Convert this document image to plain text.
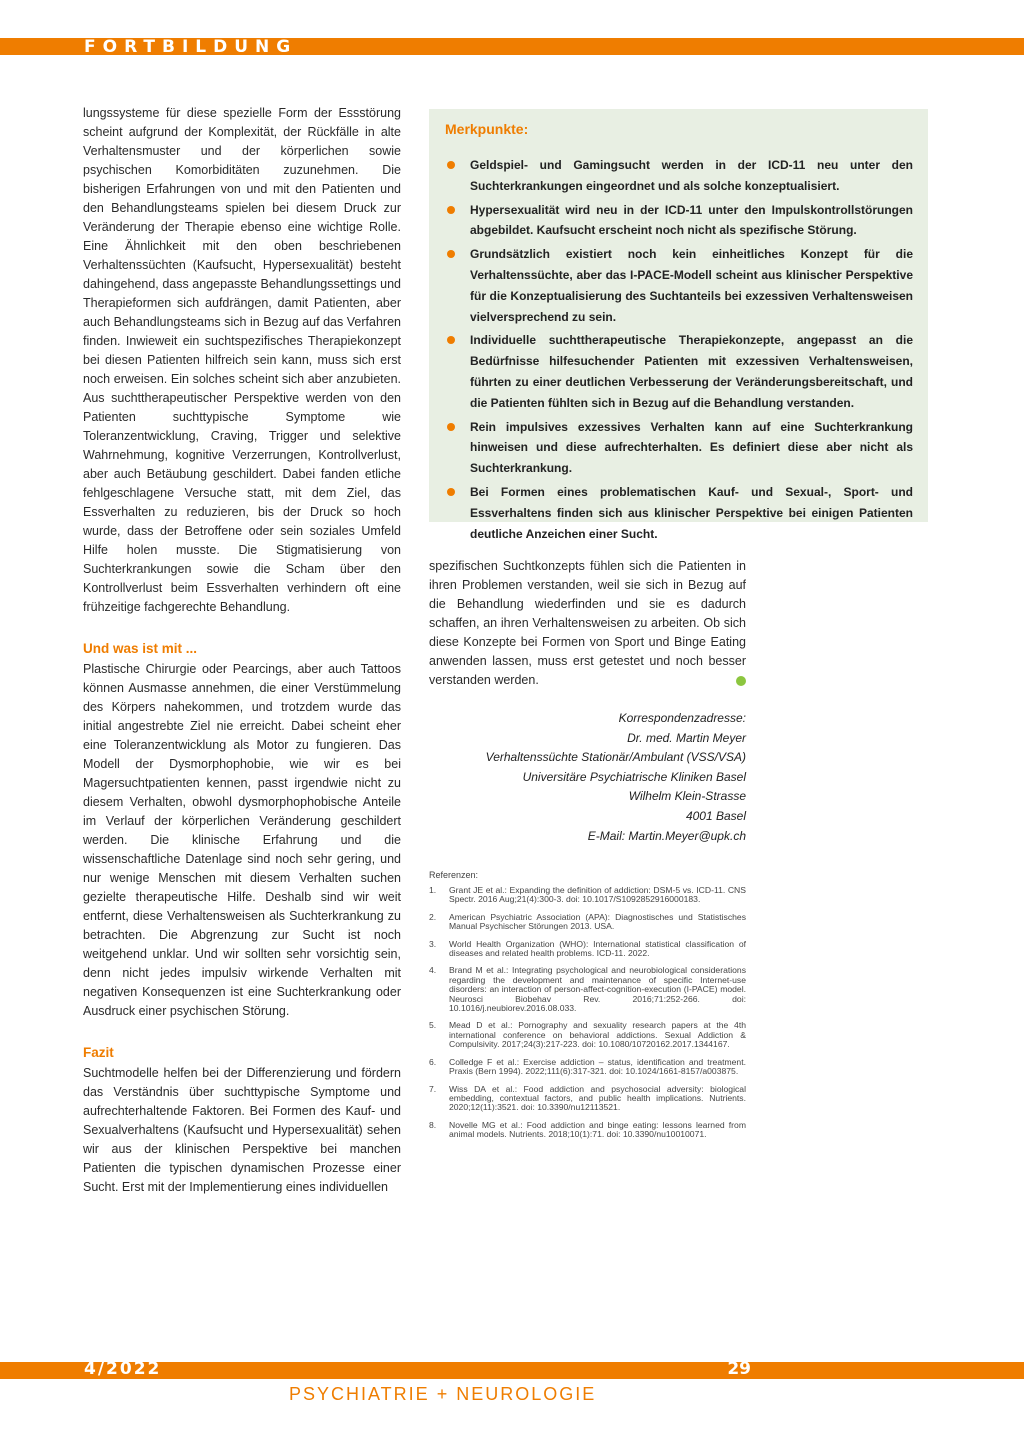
FORTBILDUNG

lungssysteme für diese spezielle Form der Essstörung scheint aufgrund der Komplexität, der Rückfälle in alte Verhaltensmuster und der körperlichen sowie psychischen Komorbiditäten zuzunehmen. Die bisherigen Erfahrungen von und mit den Patienten und den Behandlungsteams spielen bei diesem Druck zur Veränderung der Therapie ebenso eine wichtige Rolle. Eine Ähnlichkeit mit den oben beschriebenen Verhaltenssüchten (Kaufsucht, Hypersexualität) besteht dahingehend, dass angepasste Behandlungssettings und Therapieformen sich aufdrängen, damit Patienten, aber auch Behandlungsteams sich in Bezug auf das Verfahren finden. Inwieweit ein suchtspezifisches Therapiekonzept bei diesen Patienten hilfreich sein kann, muss sich erst noch erweisen. Ein solches scheint sich aber anzubieten. Aus suchttherapeutischer Perspektive werden von den Patienten suchttypische Symptome wie Toleranzentwicklung, Craving, Trigger und selektive Wahrnehmung, kognitive Verzerrungen, Kontrollverlust, aber auch Betäubung geschildert. Dabei fanden etliche fehlgeschlagene Versuche statt, mit dem Ziel, das Essverhalten zu reduzieren, bis der Druck so hoch wurde, dass der Betroffene oder sein soziales Umfeld Hilfe holen musste. Die Stigmatisierung von Suchterkrankungen sowie die Scham über den Kontrollverlust beim Essverhalten verhindern oft eine frühzeitige fachgerechte Behandlung.

Und was ist mit ...

Plastische Chirurgie oder Pearcings, aber auch Tattoos können Ausmasse annehmen, die einer Verstümmelung des Körpers nahekommen, und trotzdem wurde das initial angestrebte Ziel nie erreicht. Dabei scheint eher eine Toleranzentwicklung als Motor zu fungieren. Das Modell der Dysmorphophobie, wie wir es bei Magersuchtpatienten kennen, passt irgendwie nicht zu diesem Verhalten, obwohl dysmorphophobische Anteile im Verlauf der körperlichen Veränderung geschildert werden. Die klinische Erfahrung und die wissenschaftliche Datenlage sind noch sehr gering, und nur wenige Menschen mit diesem Verhalten suchen gezielte therapeutische Hilfe. Deshalb sind wir weit entfernt, diese Verhaltensweisen als Suchterkrankung zu betrachten. Die Abgrenzung zur Sucht ist noch weitgehend unklar. Und wir sollten sehr vorsichtig sein, denn nicht jedes impulsiv wirkende Verhalten mit negativen Konsequenzen ist eine Suchterkrankung oder Ausdruck einer psychischen Störung.

Fazit

Suchtmodelle helfen bei der Differenzierung und fördern das Verständnis über suchttypische Symptome und aufrechterhaltende Faktoren. Bei Formen des Kauf- und Sexualverhaltens (Kaufsucht und Hypersexualität) sehen wir aus der klinischen Perspektive bei manchen Patienten die typischen dynamischen Prozesse einer Sucht. Erst mit der Implementierung eines individuellen

Merkpunkte:
Geldspiel- und Gamingsucht werden in der ICD-11 neu unter den Suchterkrankungen eingeordnet und als solche konzeptualisiert.
Hypersexualität wird neu in der ICD-11 unter den Impulskontrollstörungen abgebildet. Kaufsucht erscheint noch nicht als spezifische Störung.
Grundsätzlich existiert noch kein einheitliches Konzept für die Verhaltenssüchte, aber das I-PACE-Modell scheint aus klinischer Perspektive für die Konzeptualisierung des Suchtanteils bei exzessiven Verhaltensweisen vielversprechend zu sein.
Individuelle suchttherapeutische Therapiekonzepte, angepasst an die Bedürfnisse hilfesuchender Patienten mit exzessiven Verhaltensweisen, führten zu einer deutlichen Verbesserung der Veränderungsbereitschaft, und die Patienten fühlten sich in Bezug auf die Behandlung verstanden.
Rein impulsives exzessives Verhalten kann auf eine Suchterkrankung hinweisen und diese aufrechterhalten. Es definiert diese aber nicht als Suchterkrankung.
Bei Formen eines problematischen Kauf- und Sexual-, Sport- und Essverhaltens finden sich aus klinischer Perspektive bei einigen Patienten deutliche Anzeichen einer Sucht.

spezifischen Suchtkonzepts fühlen sich die Patienten in ihren Problemen verstanden, weil sie sich in Bezug auf die Behandlung wiederfinden und sie es dadurch schaffen, an ihren Verhaltensweisen zu arbeiten. Ob sich diese Konzepte bei Formen von Sport und Binge Eating anwenden lassen, muss erst getestet und noch besser verstanden werden.

Korrespondenzadresse:
Dr. med. Martin Meyer
Verhaltenssüchte Stationär/Ambulant (VSS/VSA)
Universitäre Psychiatrische Kliniken Basel
Wilhelm Klein-Strasse
4001 Basel
E-Mail: Martin.Meyer@upk.ch

Referenzen:

1. Grant JE et al.: Expanding the definition of addiction: DSM-5 vs. ICD-11. CNS Spectr. 2016 Aug;21(4):300-3. doi: 10.1017/S1092852916000183.
2. American Psychiatric Association (APA): Diagnostisches und Statistisches Manual Psychischer Störungen 2013. USA.
3. World Health Organization (WHO): International statistical classification of diseases and related health problems. ICD-11. 2022.
4. Brand M et al.: Integrating psychological and neurobiological considerations regarding the development and maintenance of specific Internet-use disorders: an interaction of person-affect-cognition-execution (I-PACE) model. Neurosci Biobehav Rev. 2016;71:252-266. doi: 10.1016/j.neubiorev.2016.08.033.
5. Mead D et al.: Pornography and sexuality research papers at the 4th international conference on behavioral addictions. Sexual Addiction & Compulsivity. 2017;24(3):217-223. doi: 10.1080/10720162.2017.1344167.
6. Colledge F et al.: Exercise addiction – status, identification and treatment. Praxis (Bern 1994). 2022;111(6):317-321. doi: 10.1024/1661-8157/a003875.
7. Wiss DA et al.: Food addiction and psychosocial adversity: biological embedding, contextual factors, and public health implications. Nutrients. 2020;12(11):3521. doi: 10.3390/nu12113521.
8. Novelle MG et al.: Food addiction and binge eating: lessons learned from animal models. Nutrients. 2018;10(1):71. doi: 10.3390/nu10010071.

4/2022	29

PSYCHIATRIE + NEUROLOGIE
